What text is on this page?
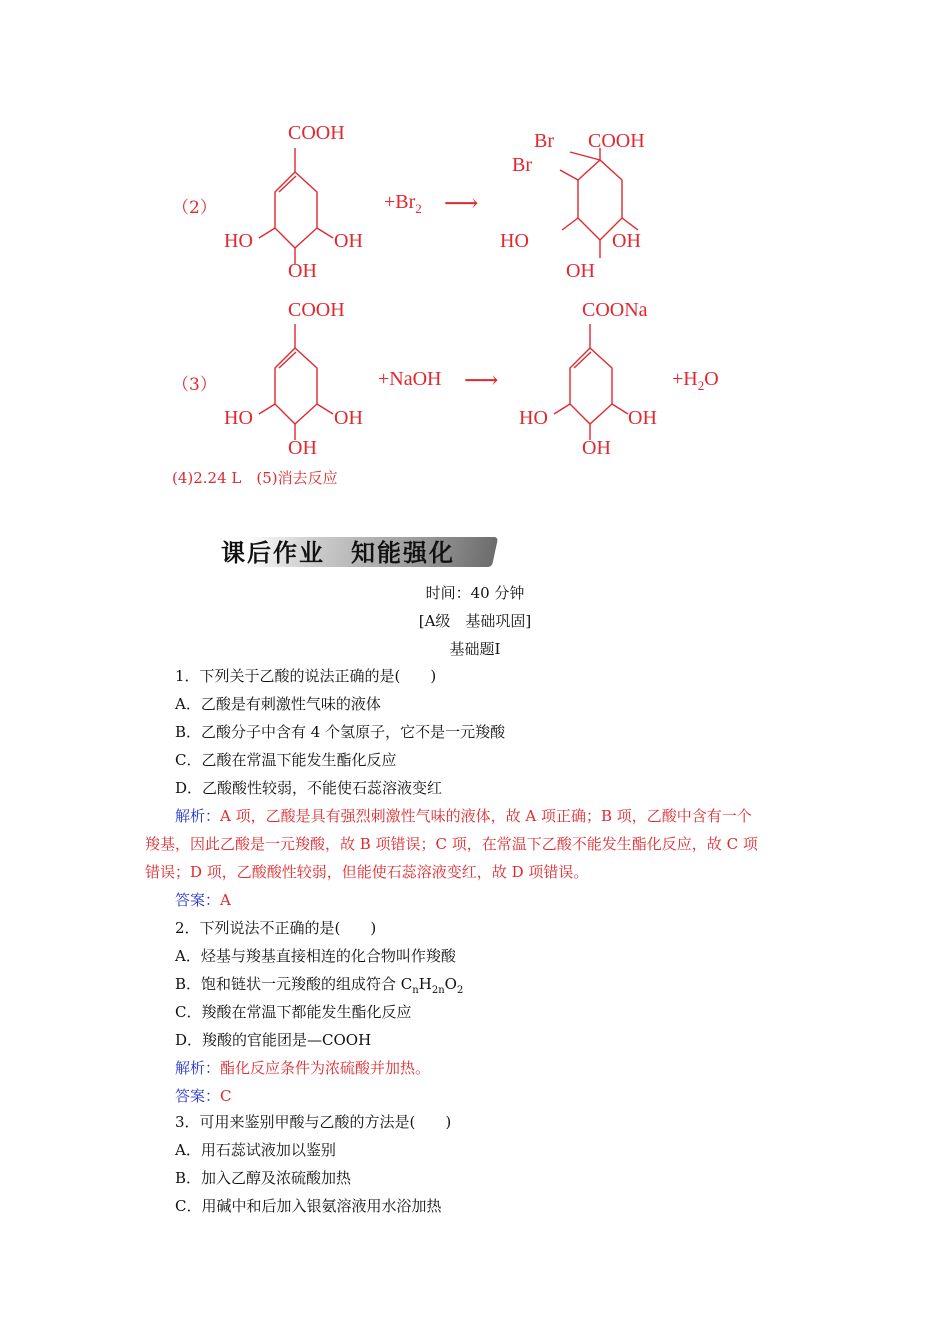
（2）
COOH
HO	OH
OH
$+Br_2$ ⟶
Br COOH
Br
HO	OH
OH
（3）
COOH
HO	OH
OH
+NaOH ⟶
COONa
HO	OH
OH
$+H_2O$
(4)2.24 L　(5)消去反应
课后作业　知能强化
时间：40 分钟
[A级　基础巩固]
基础题Ⅰ
1．下列关于乙酸的说法正确的是(　　)
A．乙酸是有刺激性气味的液体
B．乙酸分子中含有 4 个氢原子，它不是一元羧酸
C．乙酸在常温下能发生酯化反应
D．乙酸酸性较弱，不能使石蕊溶液变红
解析：A 项，乙酸是具有强烈刺激性气味的液体，故 A 项正确；B 项，乙酸中含有一个
羧基，因此乙酸是一元羧酸，故 B 项错误；C 项，在常温下乙酸不能发生酯化反应，故 C 项
错误；D 项，乙酸酸性较弱，但能使石蕊溶液变红，故 D 项错误。
答案：A
2．下列说法不正确的是(　　)
A．烃基与羧基直接相连的化合物叫作羧酸
B．饱和链状一元羧酸的组成符合 $C_nH_{2n}O_2$
C．羧酸在常温下都能发生酯化反应
D．羧酸的官能团是—COOH
解析：酯化反应条件为浓硫酸并加热。
答案：C
3．可用来鉴别甲酸与乙酸的方法是(　　)
A．用石蕊试液加以鉴别
B．加入乙醇及浓硫酸加热
C．用碱中和后加入银氨溶液用水浴加热
